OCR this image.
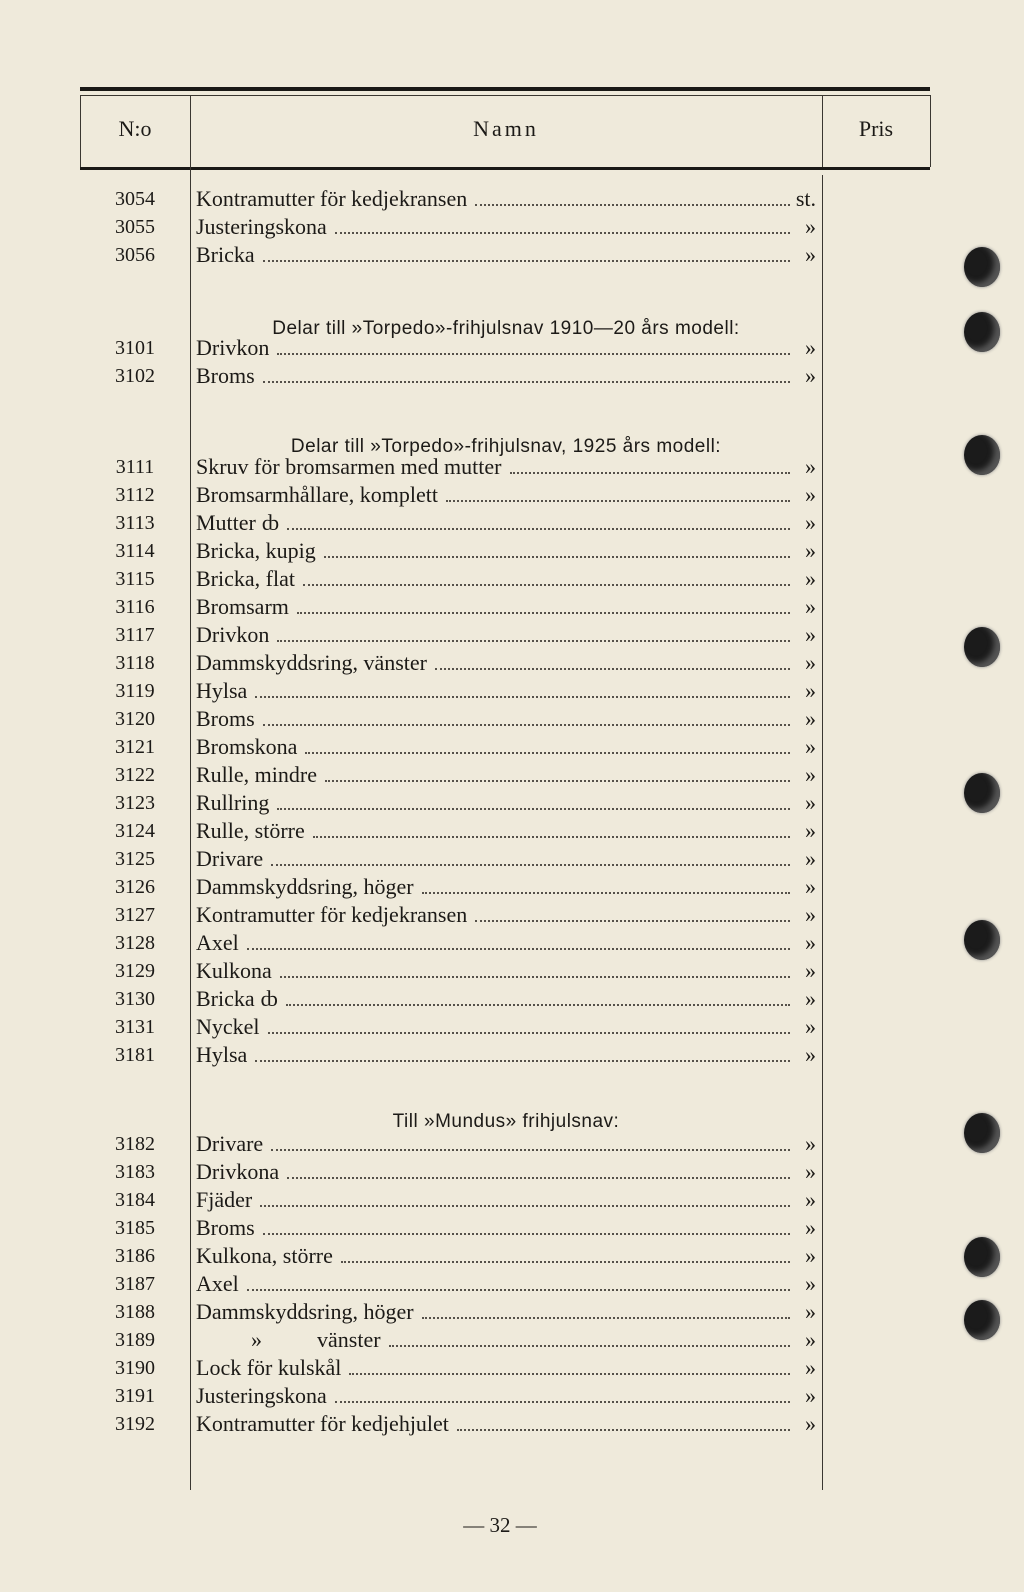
N:o	Namn	Pris
Delar till »Torpedo»-frihjulsnav 1910—20 års modell:
Delar till »Torpedo»-frihjulsnav, 1925 års modell:
Till »Mundus» frihjulsnav:
3054	Kontramutter för kedjekransen	st.
3055	Justeringskona	»
3056	Bricka	»
3101	Drivkon	»
3102	Broms	»
3111	Skruv för bromsarmen med mutter	»
3112	Bromsarmhållare, komplett	»
3113	Mutter ȸ	»
3114	Bricka, kupig	»
3115	Bricka, flat	»
3116	Bromsarm	»
3117	Drivkon	»
3118	Dammskyddsring, vänster	»
3119	Hylsa	»
3120	Broms	»
3121	Bromskona	»
3122	Rulle, mindre	»
3123	Rullring	»
3124	Rulle, större	»
3125	Drivare	»
3126	Dammskyddsring, höger	»
3127	Kontramutter för kedjekransen	»
3128	Axel	»
3129	Kulkona	»
3130	Bricka ȸ	»
3131	Nyckel	»
3181	Hylsa	»
3182	Drivare	»
3183	Drivkona	»
3184	Fjäder	»
3185	Broms	»
3186	Kulkona, större	»
3187	Axel	»
3188	Dammskyddsring, höger	»
3189	»          vänster	»
3190	Lock för kulskål	»
3191	Justeringskona	»
3192	Kontramutter för kedjehjulet	»
— 32 —
